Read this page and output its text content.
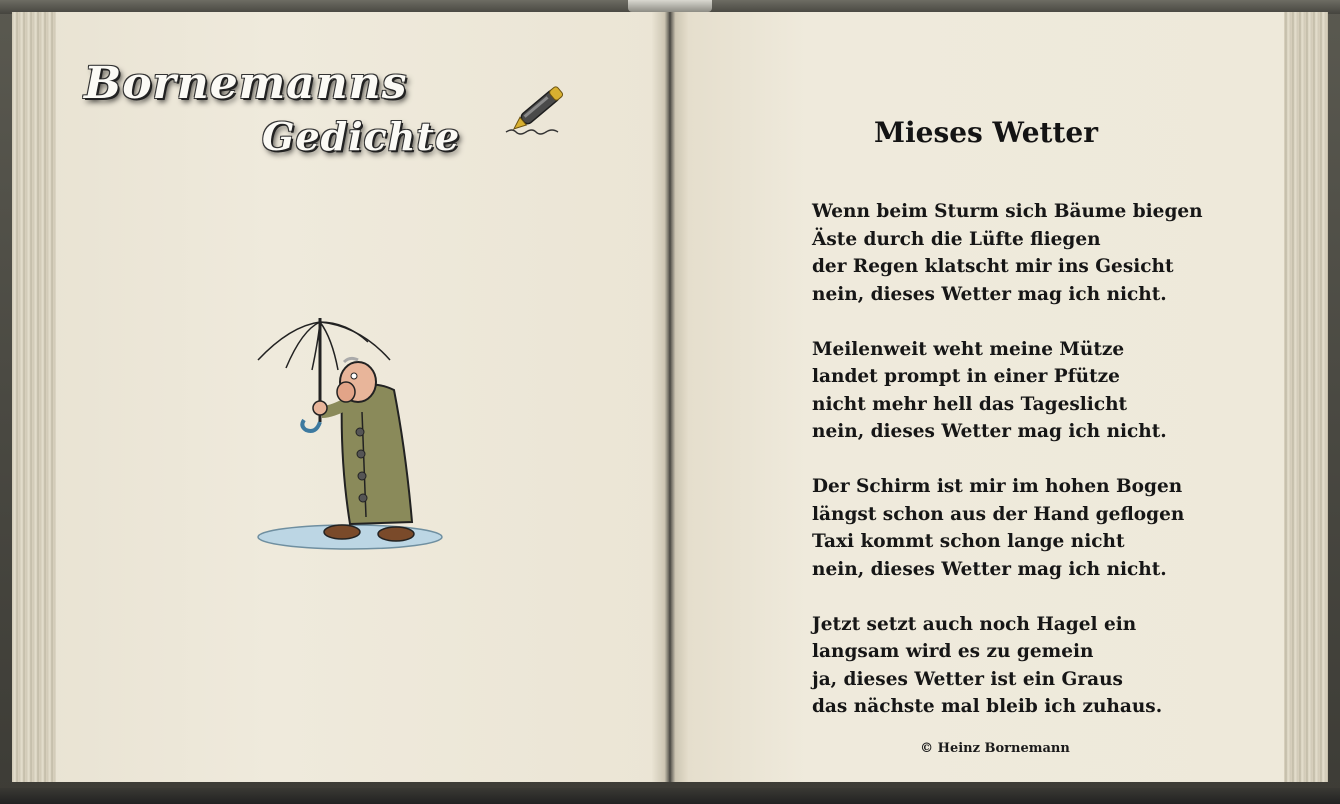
Bornemanns
Gedichte	Mieses Wetter
Wenn beim Sturm sich Bäume biegen
Äste durch die Lüfte fliegen
der Regen klatscht mir ins Gesicht
nein, dieses Wetter mag ich nicht.
Meilenweit weht meine Mütze
landet prompt in einer Pfütze
nicht mehr hell das Tageslicht
nein, dieses Wetter mag ich nicht.
Der Schirm ist mir im hohen Bogen
längst schon aus der Hand geflogen
Taxi kommt schon lange nicht
nein, dieses Wetter mag ich nicht.
Jetzt setzt auch noch Hagel ein
langsam wird es zu gemein
ja, dieses Wetter ist ein Graus
das nächste mal bleib ich zuhaus.
© Heinz Bornemann
